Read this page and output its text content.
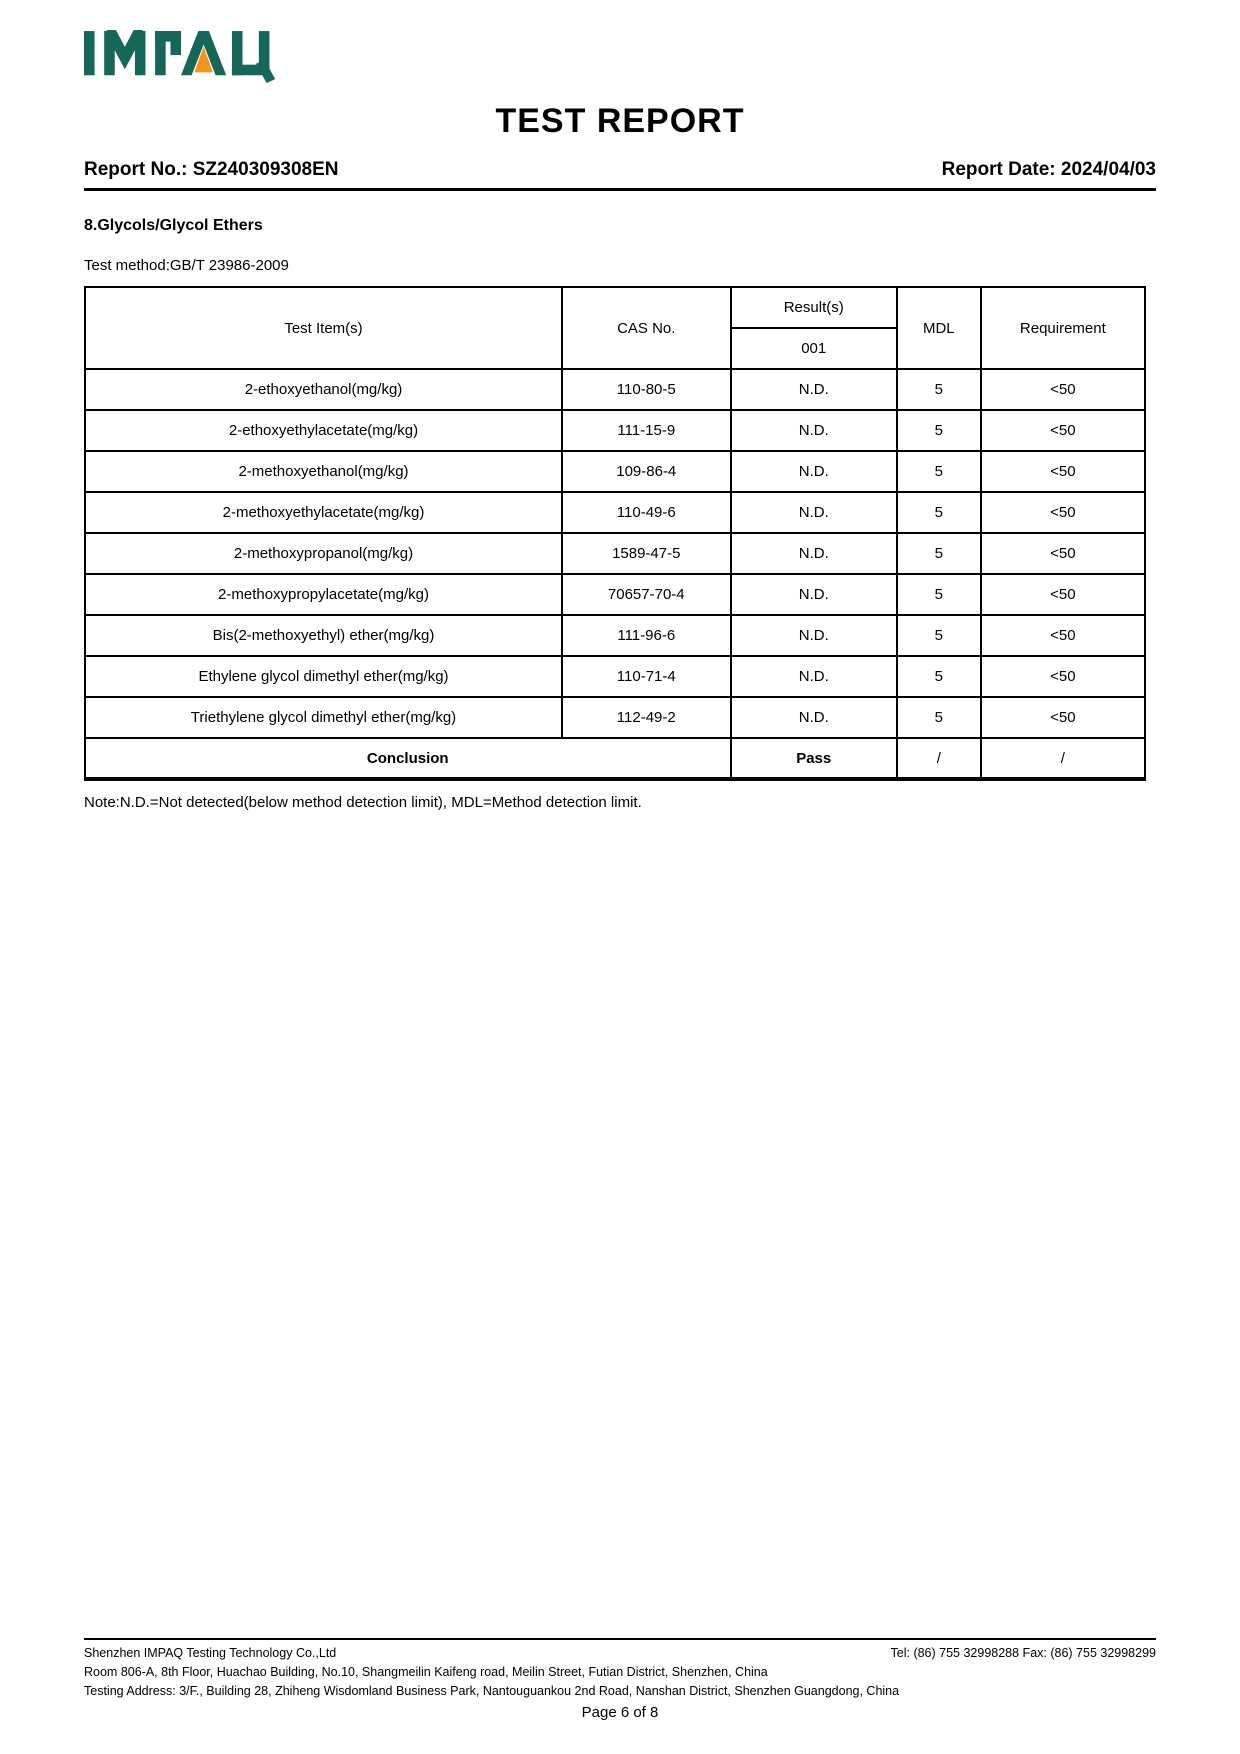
TEST REPORT
Report No.: SZ240309308EN	Report Date: 2024/04/03
8.Glycols/Glycol Ethers
Test method:GB/T 23986-2009
Test Item(s)	CAS No.	Result(s)	MDL	Requirement
		001		
2-ethoxyethanol(mg/kg)	110-80-5	N.D.	5	<50
2-ethoxyethylacetate(mg/kg)	111-15-9	N.D.	5	<50
2-methoxyethanol(mg/kg)	109-86-4	N.D.	5	<50
2-methoxyethylacetate(mg/kg)	110-49-6	N.D.	5	<50
2-methoxypropanol(mg/kg)	1589-47-5	N.D.	5	<50
2-methoxypropylacetate(mg/kg)	70657-70-4	N.D.	5	<50
Bis(2-methoxyethyl) ether(mg/kg)	111-96-6	N.D.	5	<50
Ethylene glycol dimethyl ether(mg/kg)	110-71-4	N.D.	5	<50
Triethylene glycol dimethyl ether(mg/kg)	112-49-2	N.D.	5	<50
Conclusion		Pass	/	/
Note:N.D.=Not detected(below method detection limit), MDL=Method detection limit.
Shenzhen IMPAQ Testing Technology Co.,Ltd	Tel: (86) 755 32998288 Fax: (86) 755 32998299
Room 806-A, 8th Floor, Huachao Building, No.10, Shangmeilin Kaifeng road, Meilin Street, Futian District, Shenzhen, China
Testing Address: 3/F., Building 28, Zhiheng Wisdomland Business Park, Nantouguankou 2nd Road, Nanshan District, Shenzhen Guangdong, China
Page 6 of 8
